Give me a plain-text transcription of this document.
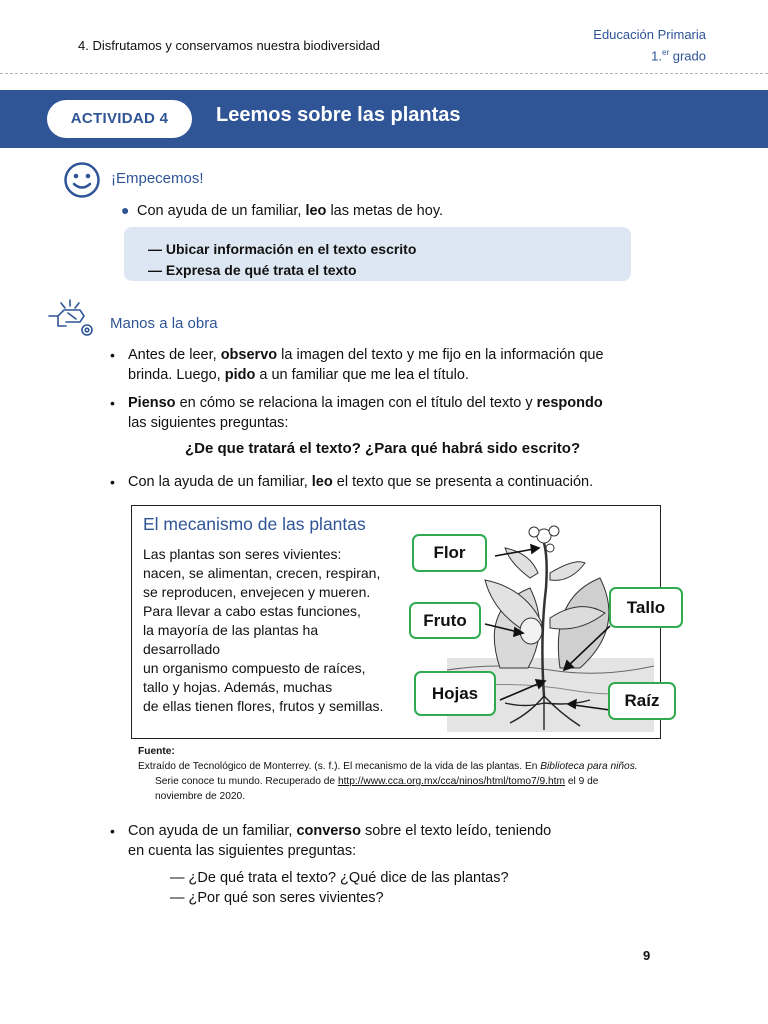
4. Disfrutamos y conservamos nuestra biodiversidad
Educación Primaria
1.$^{er}$ grado
ACTIVIDAD 4	Leemos sobre las plantas
¡Empecemos!
● Con ayuda de un familiar, leo las metas de hoy.
— Ubicar información en el texto escrito
— Expresa de qué trata el texto
Manos a la obra
• Antes de leer, observo la imagen del texto y me fijo en la información que
brinda. Luego, pido a un familiar que me lea el título.
• Pienso en cómo se relaciona la imagen con el título del texto y respondo
las siguientes preguntas:
¿De que tratará el texto? ¿Para qué habrá sido escrito?
• Con la ayuda de un familiar, leo el texto que se presenta a continuación.
El mecanismo de las plantas
Las plantas son seres vivientes:
nacen, se alimentan, crecen, respiran,
se reproducen, envejecen y mueren.
Para llevar a cabo estas funciones,
la mayoría de las plantas ha
desarrollado
un organismo compuesto de raíces,
tallo y hojas. Además, muchas
de ellas tienen flores, frutos y semillas.
Flor
Fruto
Tallo
Hojas	Raíz
Fuente:
Extraído de Tecnológico de Monterrey. (s. f.). El mecanismo de la vida de las plantas. En Biblioteca para niños.
Serie conoce tu mundo. Recuperado de http://www.cca.org.mx/cca/ninos/html/tomo7/9.htm el 9 de
noviembre de 2020.
• Con ayuda de un familiar, converso sobre el texto leído, teniendo
en cuenta las siguientes preguntas:
— ¿De qué trata el texto? ¿Qué dice de las plantas?
— ¿Por qué son seres vivientes?
9
